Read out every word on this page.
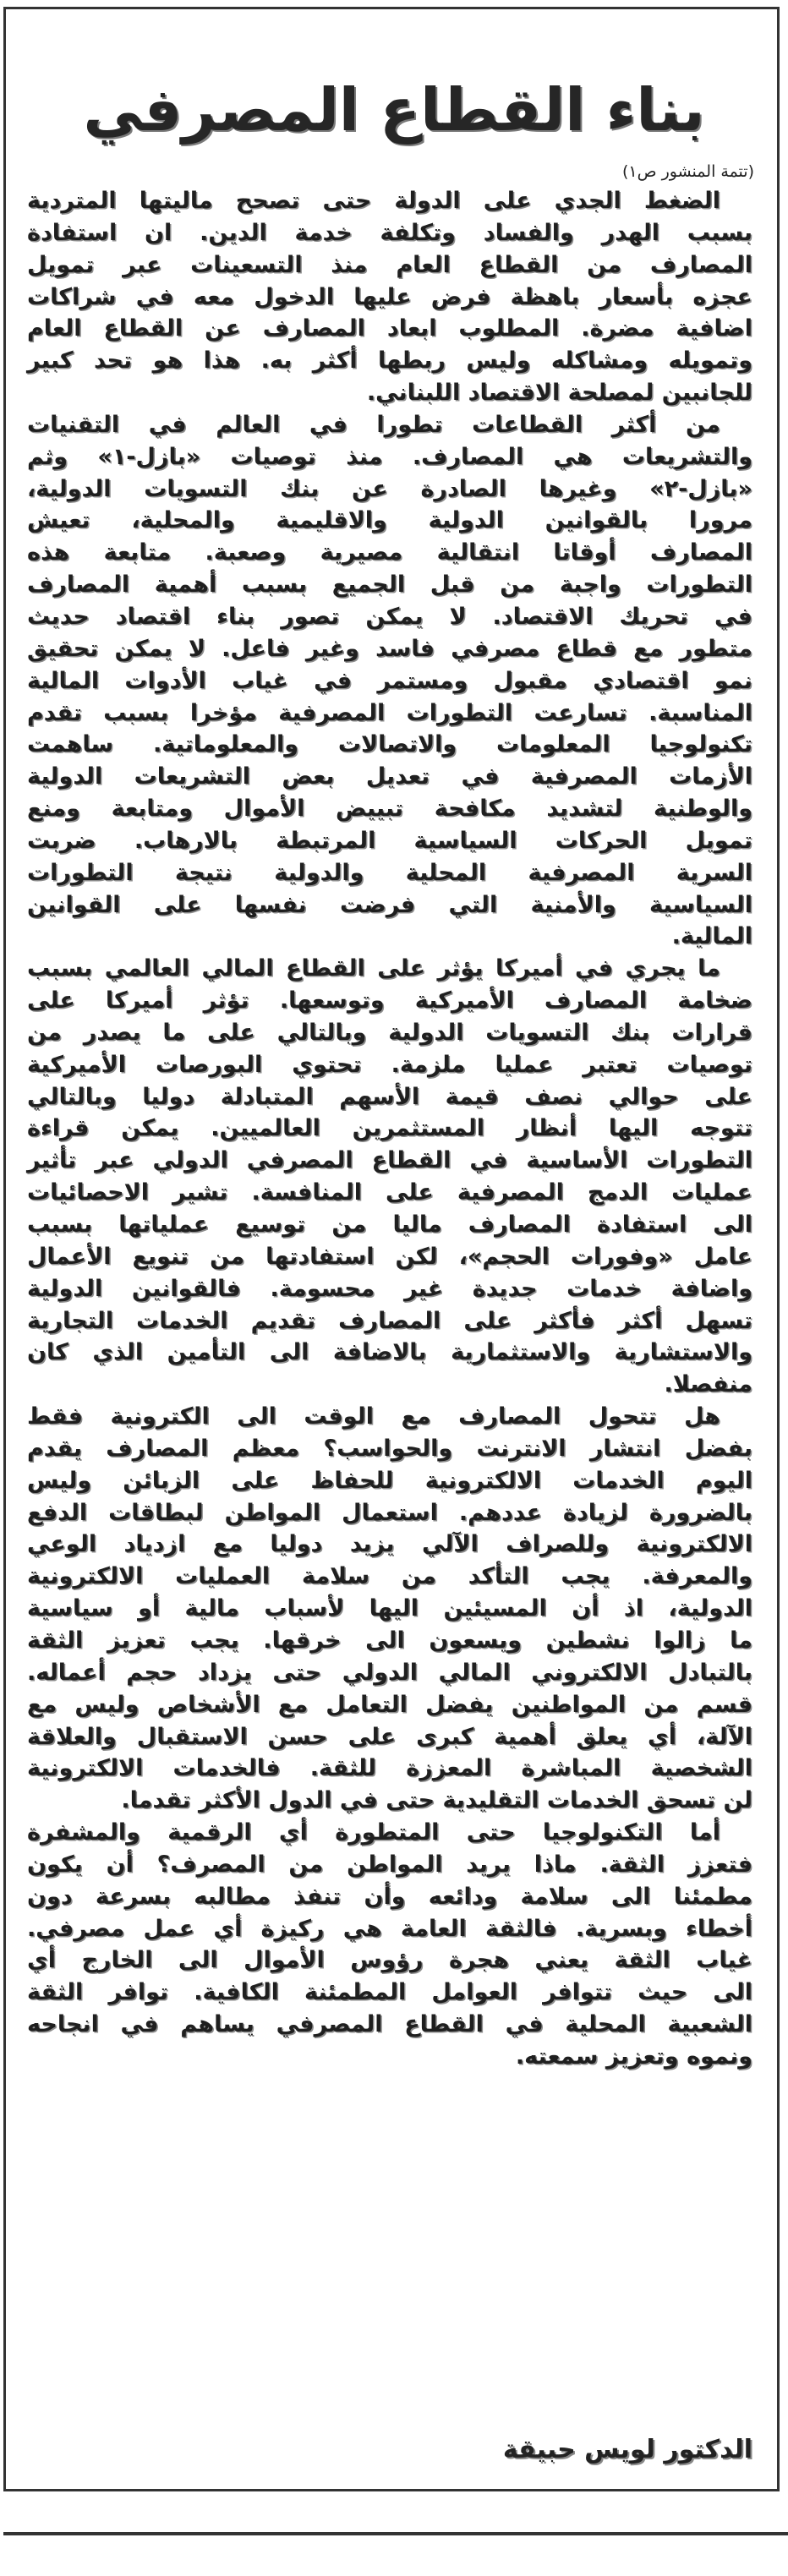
بناء القطاع المصرفي
(تتمة المنشور ص١)
الضغط الجدي على الدولة حتى تصحح ماليتها المتردية
بسبب الهدر والفساد وتكلفة خدمة الدين. ان استفادة
المصارف من القطاع العام منذ التسعينات عبر تمويل
عجزه بأسعار باهظة فرض عليها الدخول معه في شراكات
اضافية مضرة. المطلوب ابعاد المصارف عن القطاع العام
وتمويله ومشاكله وليس ربطها أكثر به. هذا هو تحد كبير
للجانبين لمصلحة الاقتصاد اللبناني.
من أكثر القطاعات تطورا في العالم في التقنيات
والتشريعات هي المصارف. منذ توصيات «بازل-١» وثم
«بازل-٢» وغيرها الصادرة عن بنك التسويات الدولية،
مرورا بالقوانين الدولية والاقليمية والمحلية، تعيش
المصارف أوقاتا انتقالية مصيرية وصعبة. متابعة هذه
التطورات واجبة من قبل الجميع بسبب أهمية المصارف
في تحريك الاقتصاد. لا يمكن تصور بناء اقتصاد حديث
متطور مع قطاع مصرفي فاسد وغير فاعل. لا يمكن تحقيق
نمو اقتصادي مقبول ومستمر في غياب الأدوات المالية
المناسبة. تسارعت التطورات المصرفية مؤخرا بسبب تقدم
تكنولوجيا المعلومات والاتصالات والمعلوماتية. ساهمت
الأزمات المصرفية في تعديل بعض التشريعات الدولية
والوطنية لتشديد مكافحة تبييض الأموال ومتابعة ومنع
تمويل الحركات السياسية المرتبطة بالارهاب. ضربت
السرية المصرفية المحلية والدولية نتيجة التطورات
السياسية والأمنية التي فرضت نفسها على القوانين
المالية.
ما يجري في أميركا يؤثر على القطاع المالي العالمي بسبب
ضخامة المصارف الأميركية وتوسعها. تؤثر أميركا على
قرارات بنك التسويات الدولية وبالتالي على ما يصدر من
توصيات تعتبر عمليا ملزمة. تحتوي البورصات الأميركية
على حوالي نصف قيمة الأسهم المتبادلة دوليا وبالتالي
تتوجه اليها أنظار المستثمرين العالميين. يمكن قراءة
التطورات الأساسية في القطاع المصرفي الدولي عبر تأثير
عمليات الدمج المصرفية على المنافسة. تشير الاحصائيات
الى استفادة المصارف ماليا من توسيع عملياتها بسبب
عامل «وفورات الحجم»، لكن استفادتها من تنويع الأعمال
واضافة خدمات جديدة غير محسومة. فالقوانين الدولية
تسهل أكثر فأكثر على المصارف تقديم الخدمات التجارية
والاستشارية والاستثمارية بالاضافة الى التأمين الذي كان
منفصلا.
هل تتحول المصارف مع الوقت الى الكترونية فقط
بفضل انتشار الانترنت والحواسب؟ معظم المصارف يقدم
اليوم الخدمات الالكترونية للحفاظ على الزبائن وليس
بالضرورة لزيادة عددهم. استعمال المواطن لبطاقات الدفع
الالكترونية وللصراف الآلي يزيد دوليا مع ازدياد الوعي
والمعرفة. يجب التأكد من سلامة العمليات الالكترونية
الدولية، اذ أن المسيئين اليها لأسباب مالية أو سياسية
ما زالوا نشطين ويسعون الى خرقها. يجب تعزيز الثقة
بالتبادل الالكتروني المالي الدولي حتى يزداد حجم أعماله.
قسم من المواطنين يفضل التعامل مع الأشخاص وليس مع
الآلة، أي يعلق أهمية كبرى على حسن الاستقبال والعلاقة
الشخصية المباشرة المعززة للثقة. فالخدمات الالكترونية
لن تسحق الخدمات التقليدية حتى في الدول الأكثر تقدما.
أما التكنولوجيا حتى المتطورة أي الرقمية والمشفرة
فتعزز الثقة. ماذا يريد المواطن من المصرف؟ أن يكون
مطمئنا الى سلامة ودائعه وأن تنفذ مطالبه بسرعة دون
أخطاء وبسرية. فالثقة العامة هي ركيزة أي عمل مصرفي.
غياب الثقة يعني هجرة رؤوس الأموال الى الخارج أي
الى حيث تتوافر العوامل المطمئنة الكافية. توافر الثقة
الشعبية المحلية في القطاع المصرفي يساهم في انجاحه
ونموه وتعزيز سمعته.
الدكتور لويس حبيقة
